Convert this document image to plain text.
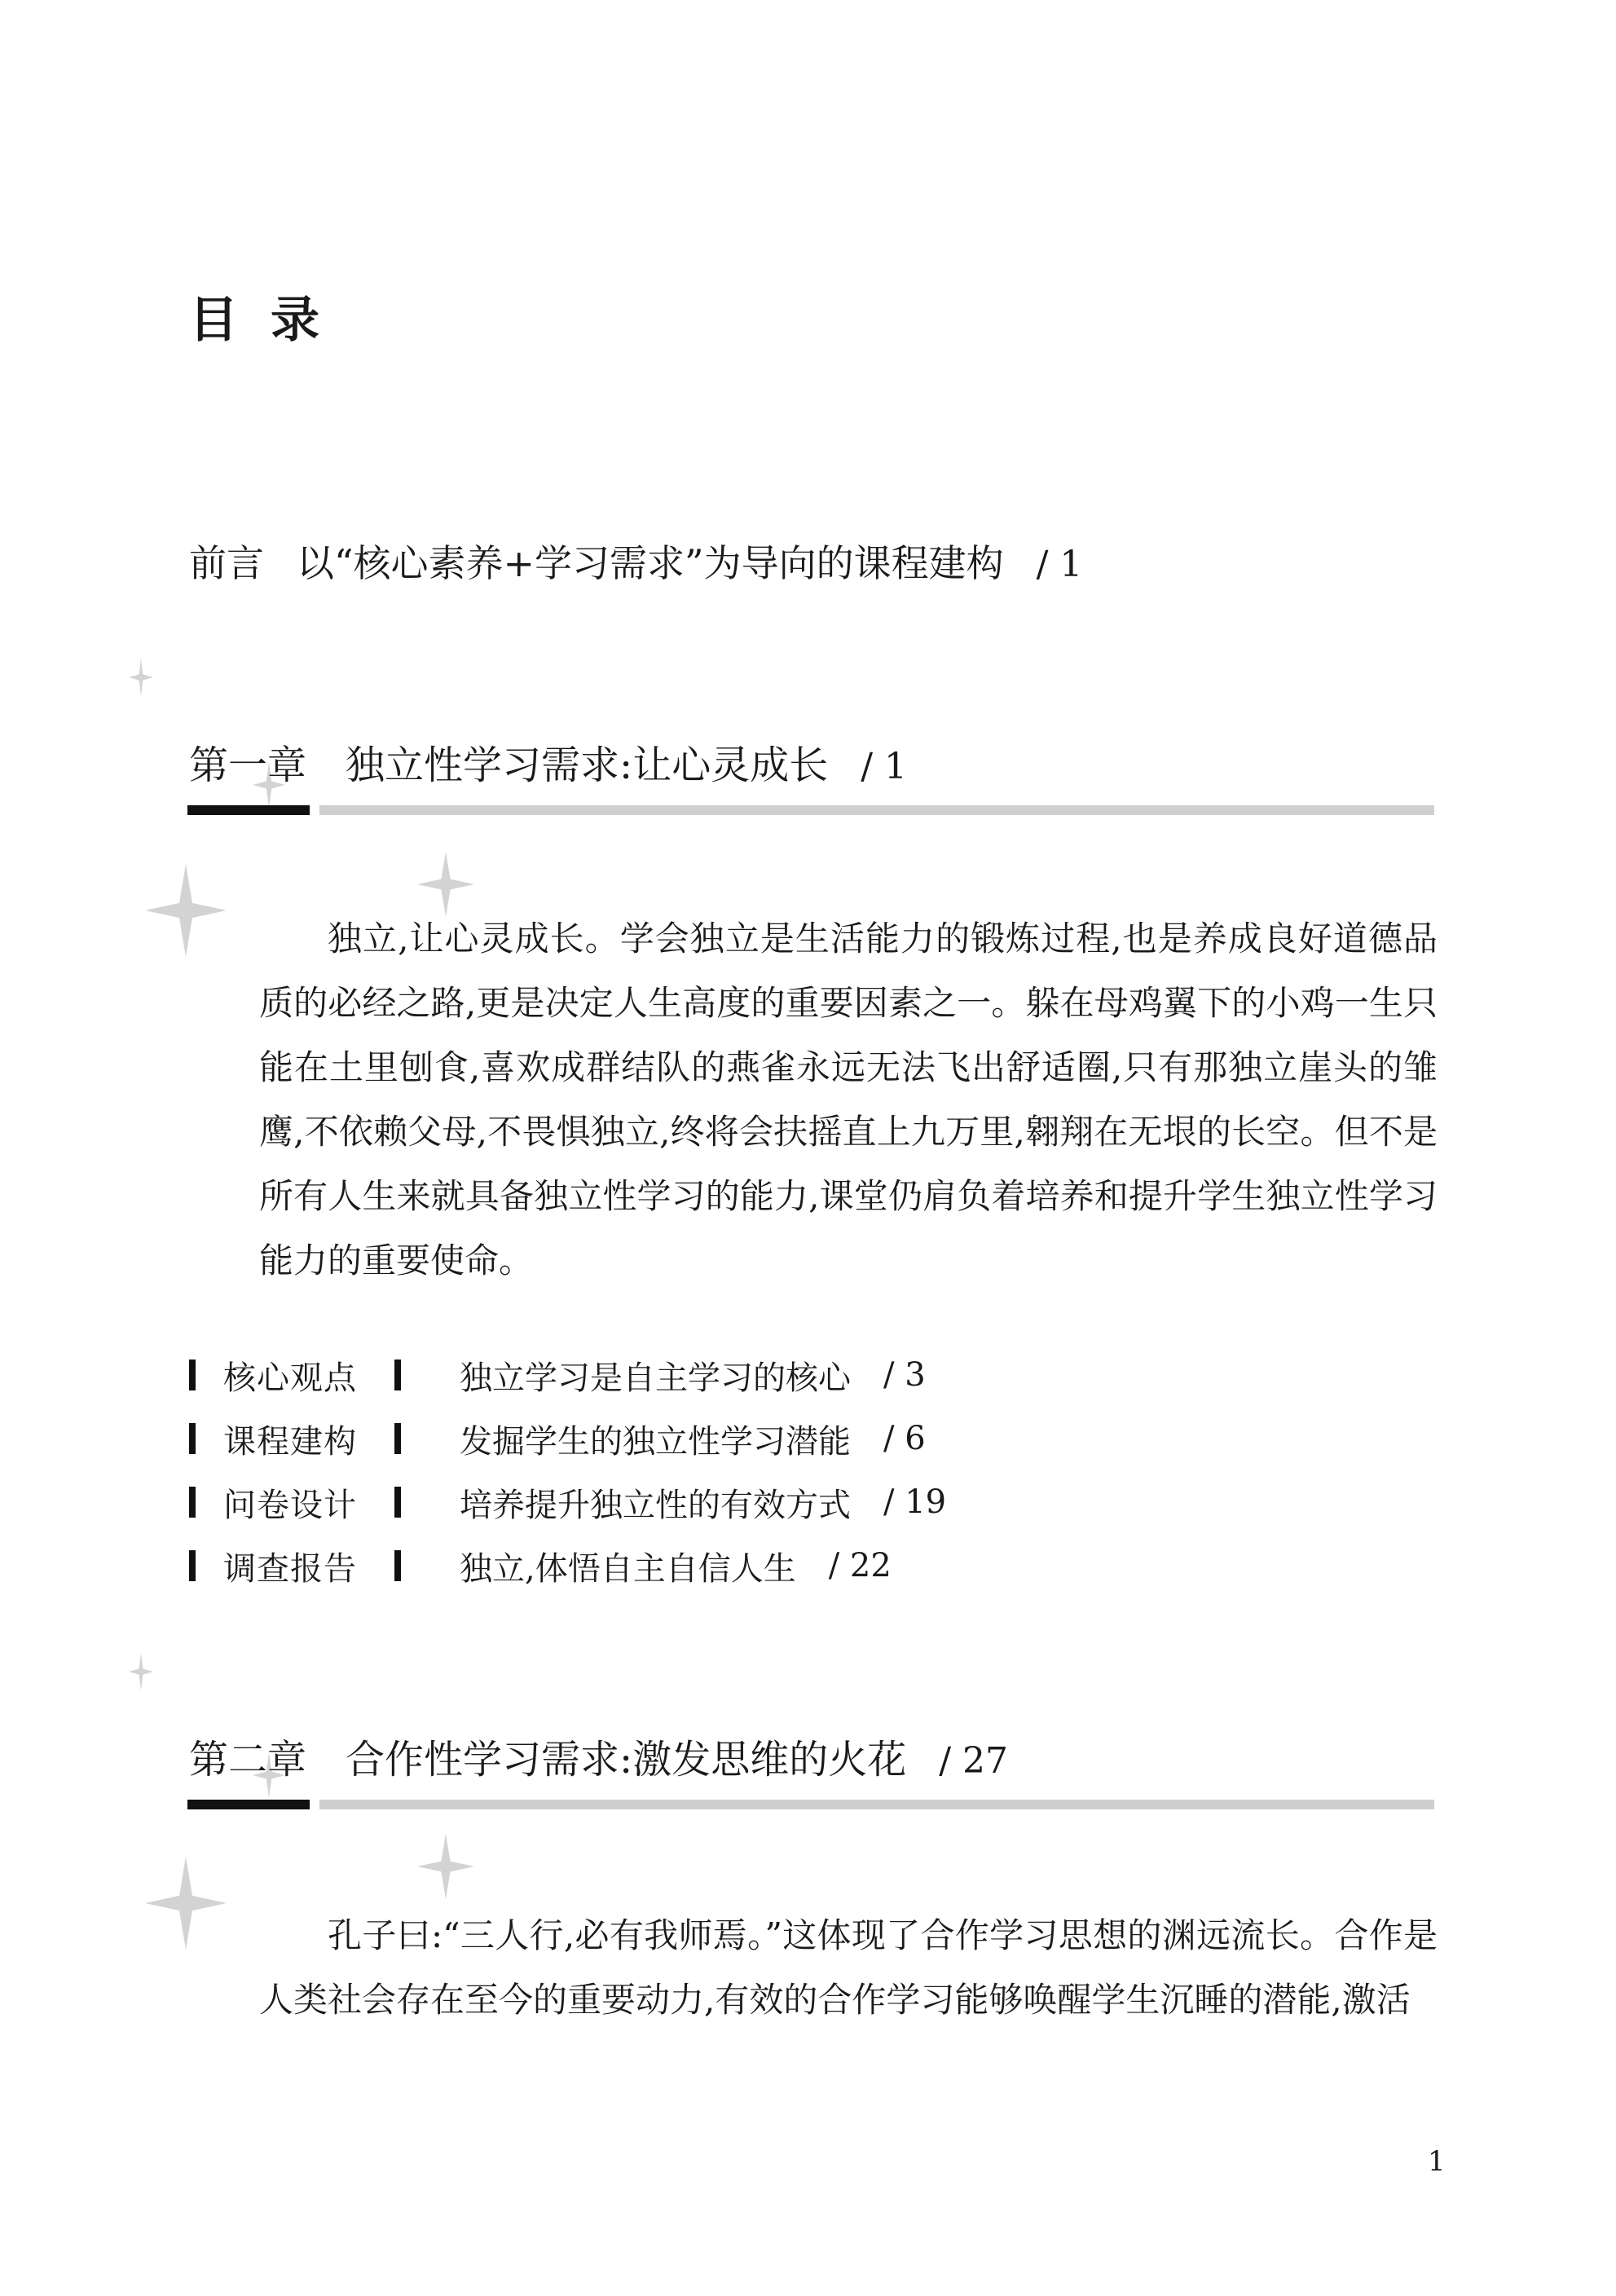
目录
前言 以“核心素养+学习需求”为导向的课程建构 / 1
第一章 独立性学习需求:让心灵成长 / 1
独立,让心灵成长。学会独立是生活能力的锻炼过程,也是养成良好道德品质的必经之路,更是决定人生高度的重要因素之一。躲在母鸡翼下的小鸡一生只能在土里刨食,喜欢成群结队的燕雀永远无法飞出舒适圈,只有那独立崖头的雏鹰,不依赖父母,不畏惧独立,终将会扶摇直上九万里,翱翔在无垠的长空。但不是所有人生来就具备独立性学习的能力,课堂仍肩负着培养和提升学生独立性学习能力的重要使命。
核心观点	独立学习是自主学习的核心 / 3
课程建构	发掘学生的独立性学习潜能 / 6
问卷设计	培养提升独立性的有效方式 / 19
调查报告	独立,体悟自主自信人生 / 22
第二章 合作性学习需求:激发思维的火花 / 27
孔子曰:“三人行,必有我师焉。”这体现了合作学习思想的渊远流长。合作是人类社会存在至今的重要动力,有效的合作学习能够唤醒学生沉睡的潜能,激活
1
